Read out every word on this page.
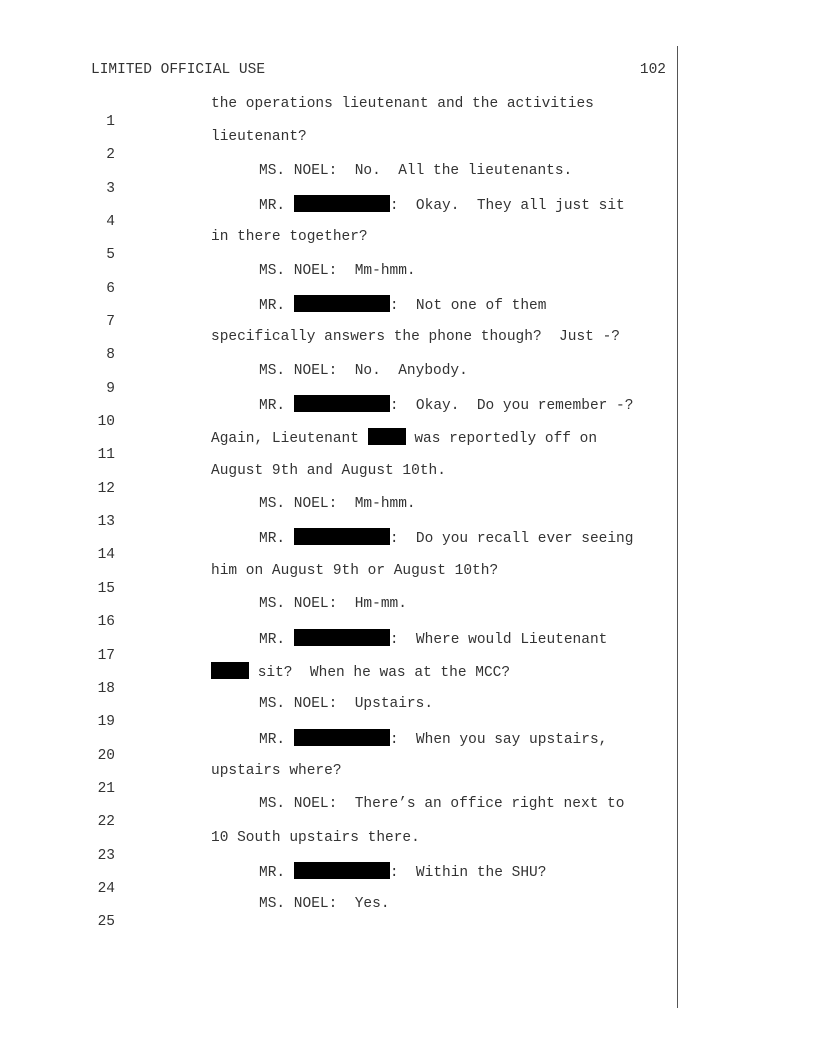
LIMITED OFFICIAL USE	102

1

the operations lieutenant and the activities

2

lieutenant?

3

MS. NOEL:  No.  All the lieutenants.

4

MR.	:  Okay.  They all just sit

5

in there together?

6

MS. NOEL:  Mm-hmm.

7

MR.	:  Not one of them

8

specifically answers the phone though?  Just -?

9

MS. NOEL:  No.  Anybody.

10

MR.	:  Okay.  Do you remember -?

11

Again, Lieutenant	was reportedly off on

12

August 9th and August 10th.

13

MS. NOEL:  Mm-hmm.

14

MR.	:  Do you recall ever seeing

15

him on August 9th or August 10th?

16

MS. NOEL:  Hm-mm.

17

MR.	:  Where would Lieutenant

18

sit?  When he was at the MCC?

19

MS. NOEL:  Upstairs.

20

MR.	:  When you say upstairs,

21

upstairs where?

22

MS. NOEL:  There’s an office right next to

23

10 South upstairs there.

24

MR.	:  Within the SHU?

25

MS. NOEL:  Yes.
